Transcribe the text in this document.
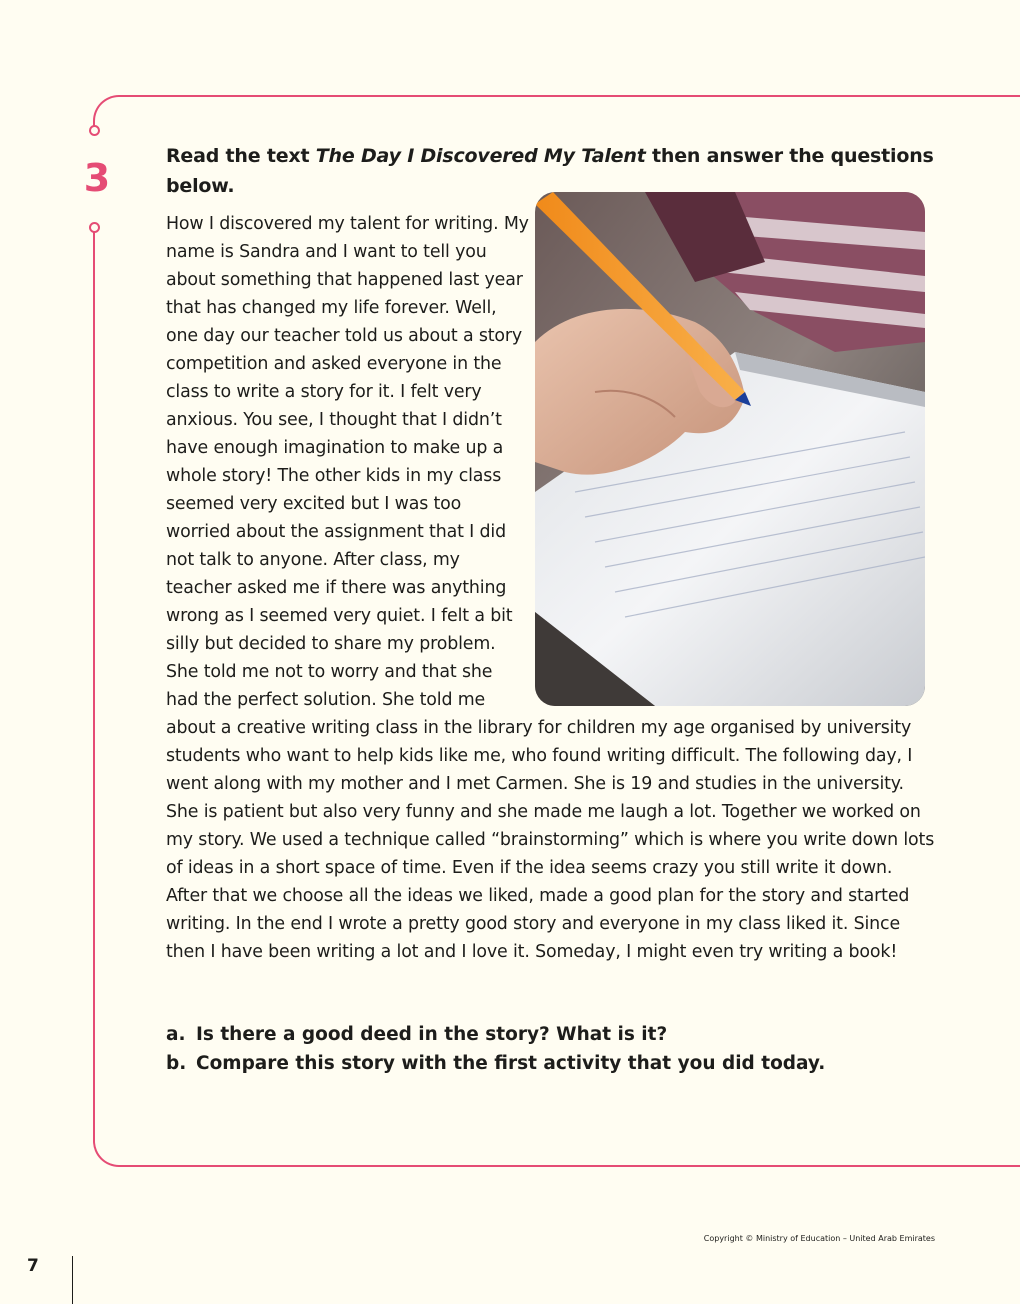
3	Read the text The Day I Discovered My Talent then answer the questions below.

How I discovered my talent for writing. My name is Sandra and I want to tell you about something that happened last year that has changed my life forever. Well, one day our teacher told us about a story competition and asked everyone in the class to write a story for it. I felt very anxious. You see, I thought that I didn’t have enough imagination to make up a whole story! The other kids in my class seemed very excited but I was too worried about the assignment that I did not talk to anyone. After class, my teacher asked me if there was anything wrong as I seemed very quiet. I felt a bit silly but decided to share my problem. She told me not to worry and that she had the perfect solution. She told me about a creative writing class in the library for children my age organised by university students who want to help kids like me, who found writing difficult. The following day, I went along with my mother and I met Carmen. She is 19 and studies in the university. She is patient but also very funny and she made me laugh a lot. Together we worked on my story. We used a technique called “brainstorming” which is where you write down lots of ideas in a short space of time. Even if the idea seems crazy you still write it down. After that we choose all the ideas we liked, made a good plan for the story and started writing. In the end I wrote a pretty good story and everyone in my class liked it. Since then I have been writing a lot and I love it. Someday, I might even try writing a book!

a. Is there a good deed in the story? What is it?
b. Compare this story with the first activity that you did today.
Copyright © Ministry of Education – United Arab Emirates
7
